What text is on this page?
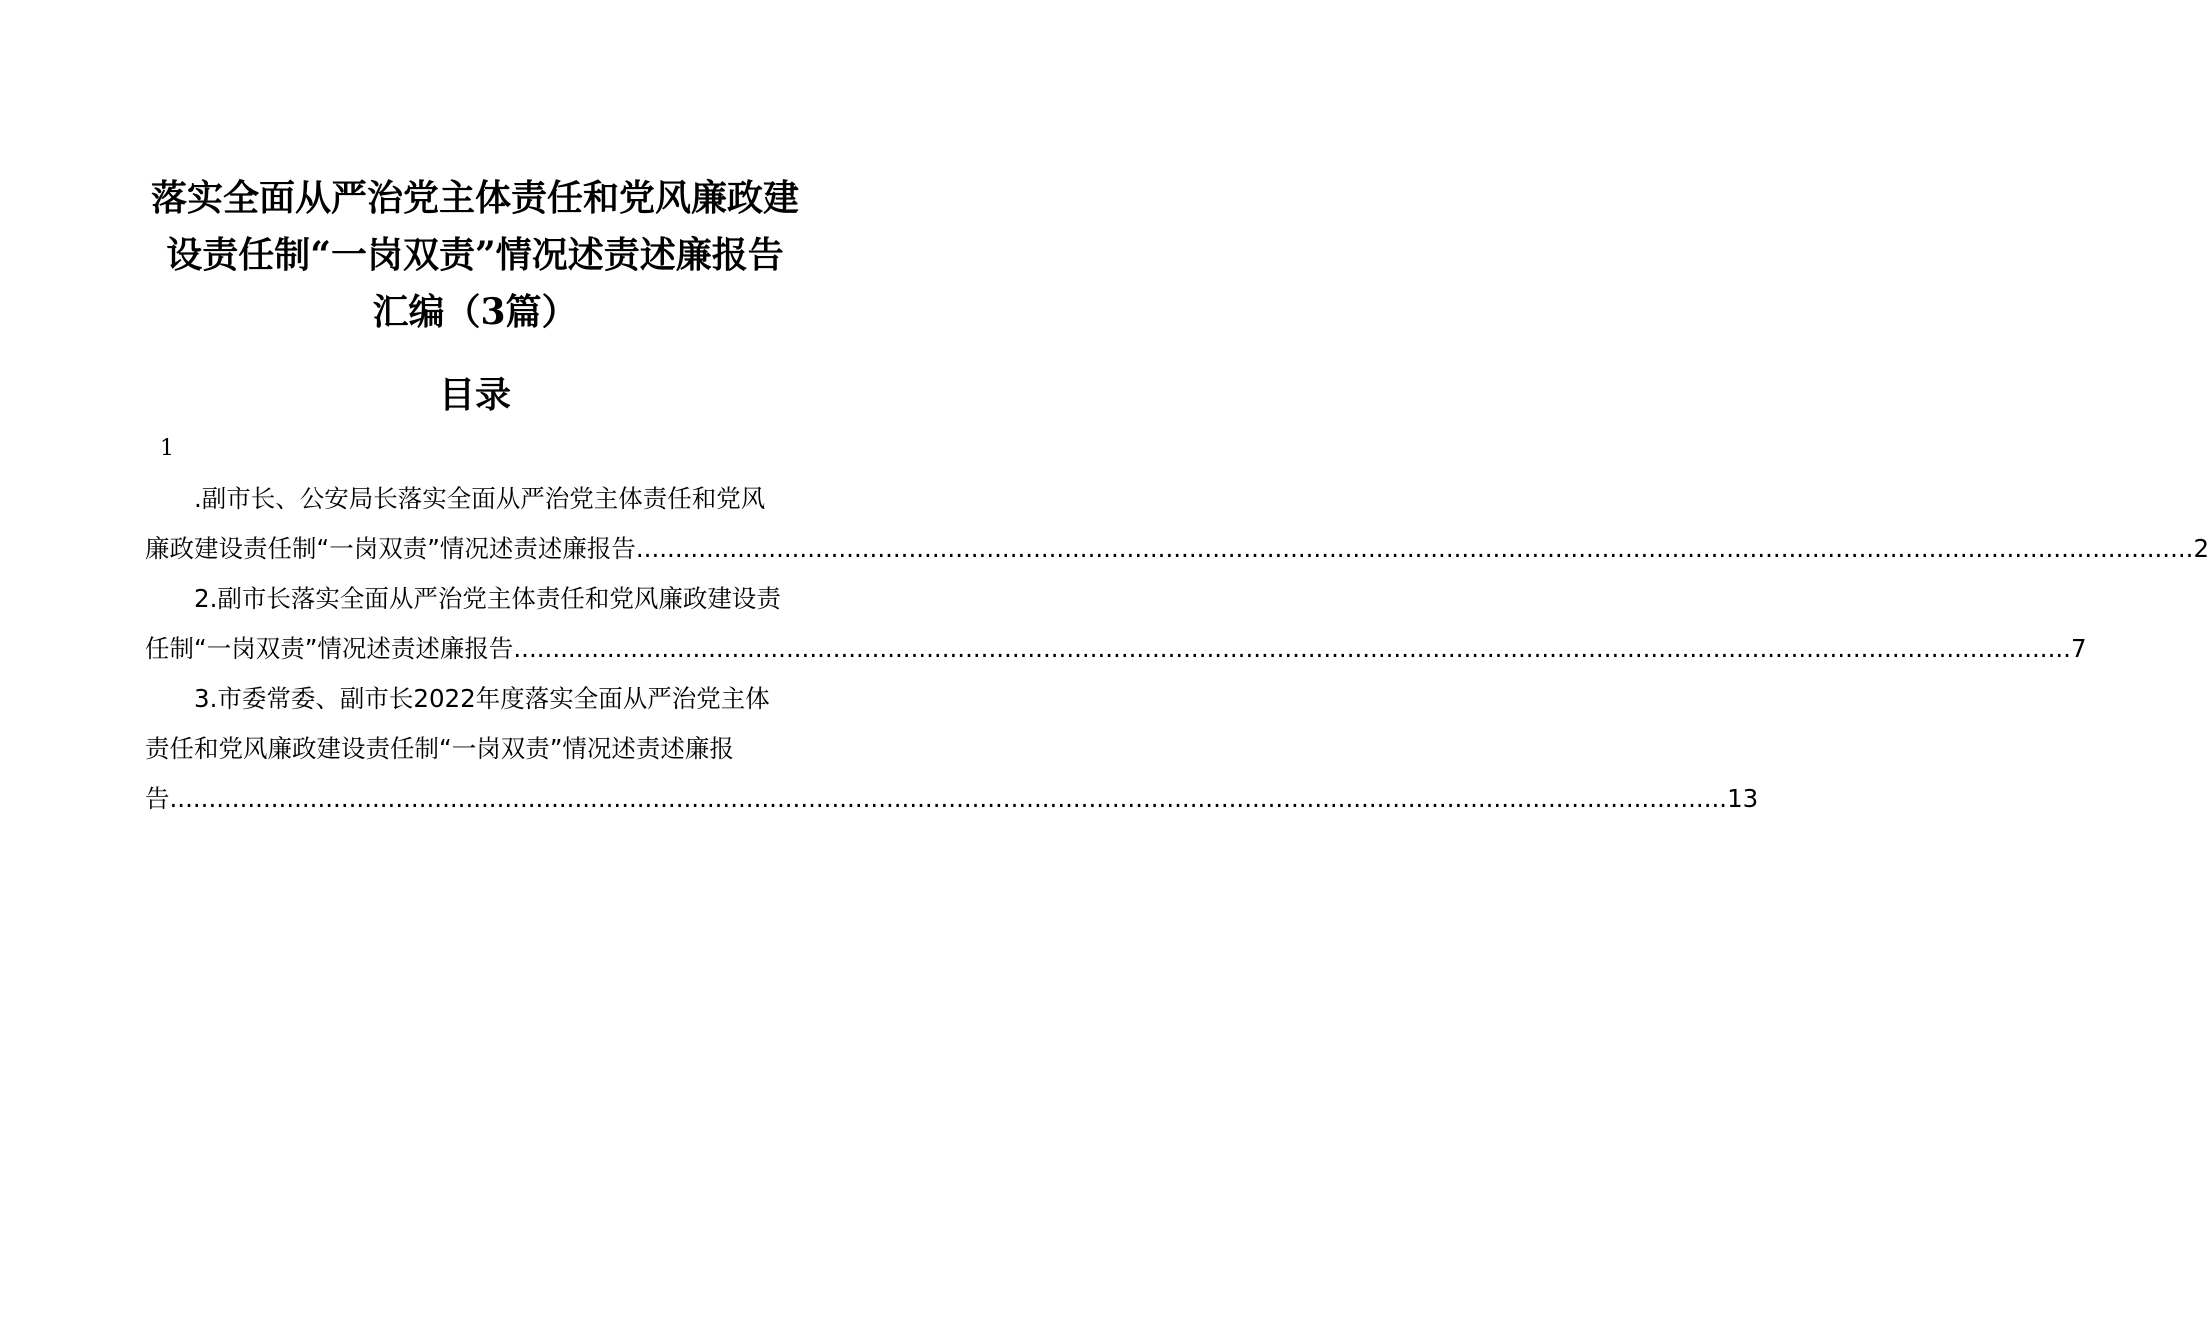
落实全面从严治党主体责任和党风廉政建
设责任制“一岗双责”情况述责述廉报告
汇编（3篇）
目录
1
.副市长、公安局长落实全面从严治党主体责任和党风
廉政建设责任制“一岗双责”情况述责述廉报告 ........................................................................................................................................................................................................ 2
2.副市长落实全面从严治党主体责任和党风廉政建设责
任制“一岗双责”情况述责述廉报告 ........................................................................................................................................................................................................ 7
3.市委常委、副市长2022年度落实全面从严治党主体
责任和党风廉政建设责任制“一岗双责”情况述责述廉报
告 ........................................................................................................................................................................................................ 13
